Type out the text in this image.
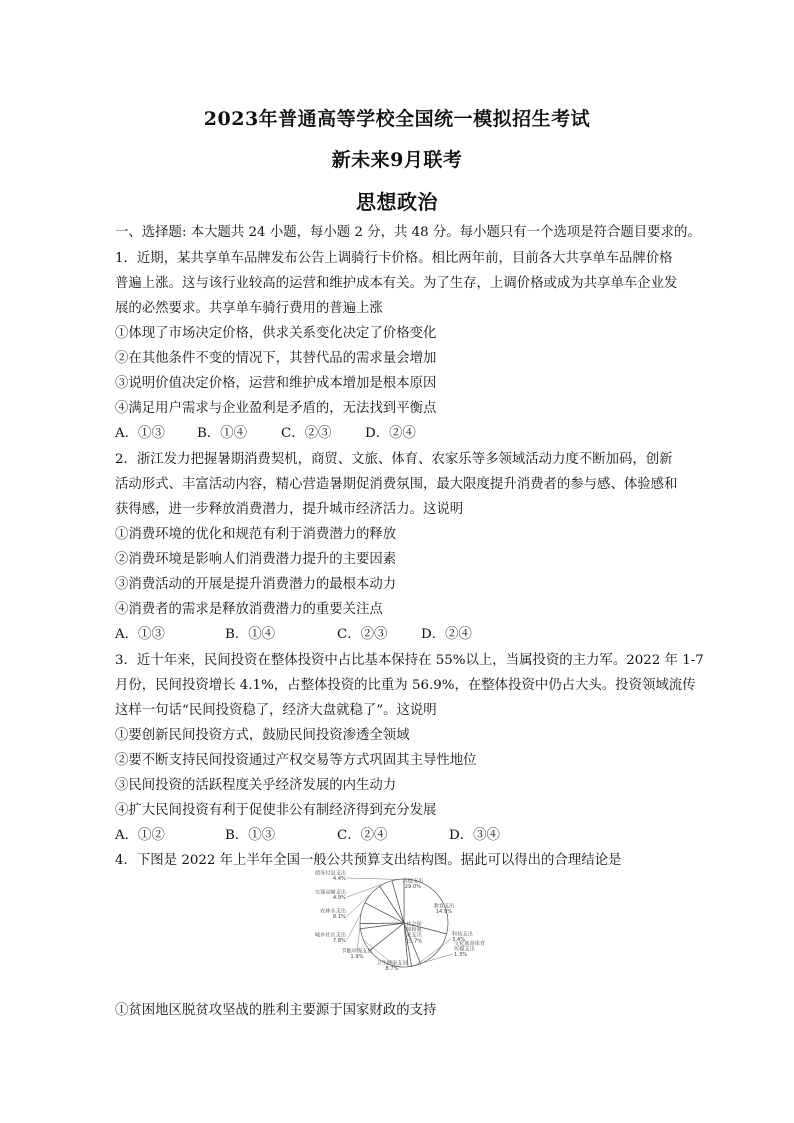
2023年普通高等学校全国统一模拟招生考试
新未来9月联考
思想政治
一、选择题: 本大题共 24 小题，每小题 2 分，共 48 分。每小题只有一个选项是符合题目要求的。
1．近期，某共享单车品牌发布公告上调骑行卡价格。相比两年前，目前各大共享单车品牌价格
普遍上涨。这与该行业较高的运营和维护成本有关。为了生存，上调价格或成为共享单车企业发
展的必然要求。共享单车骑行费用的普遍上涨
①体现了市场决定价格，供求关系变化决定了价格变化
②在其他条件不变的情况下，其替代品的需求量会增加
③说明价值决定价格，运营和维护成本增加是根本原因
④满足用户需求与企业盈利是矛盾的，无法找到平衡点
A．①③ B．①④	C．②③	D．②④
2．浙江发力把握暑期消费契机，商贸、文旅、体育、农家乐等多领域活动力度不断加码，创新
活动形式、丰富活动内容，精心营造暑期促消费氛围，最大限度提升消费者的参与感、体验感和
获得感，进一步释放消费潜力，提升城市经济活力。这说明
①消费环境的优化和规范有利于消费潜力的释放
②消费环境是影响人们消费潜力提升的主要因素
③消费活动的开展是提升消费潜力的最根本动力
④消费者的需求是释放消费潜力的重要关注点
A．①③	B．①④	C．②③	D．②④
3．近十年来，民间投资在整体投资中占比基本保持在 55%以上，当属投资的主力军。2022 年 1-7
月份，民间投资增长 4.1%，占整体投资的比重为 56.9%，在整体投资中仍占大头。投资领域流传
这样一句话“民间投资稳了，经济大盘就稳了”。这说明
①要创新民间投资方式，鼓励民间投资渗透全领域
②要不断支持民间投资通过产权交易等方式巩固其主导性地位
③民间投资的活跃程度关乎经济发展的内生动力
④扩大民间投资有利于促使非公有制经济得到充分发展
A．①②	B．①③	C．②④	D．③④
4．下图是 2022 年上半年全国一般公共预算支出结构图。据此可以得出的合理结论是
其他支出 29.0%
教育支出 14.9%
科技支出 3.4%
文化旅游体育传媒支出 1.3%
社会保障和就业支出 15.7%
卫生健康支出 8.7%
节能环保支出 1.9%
城乡社区支出 7.8%
农林水支出 8.1%
交通运输支出 4.9%
债务付息支出 4.4%
①贫困地区脱贫攻坚战的胜利主要源于国家财政的支持
